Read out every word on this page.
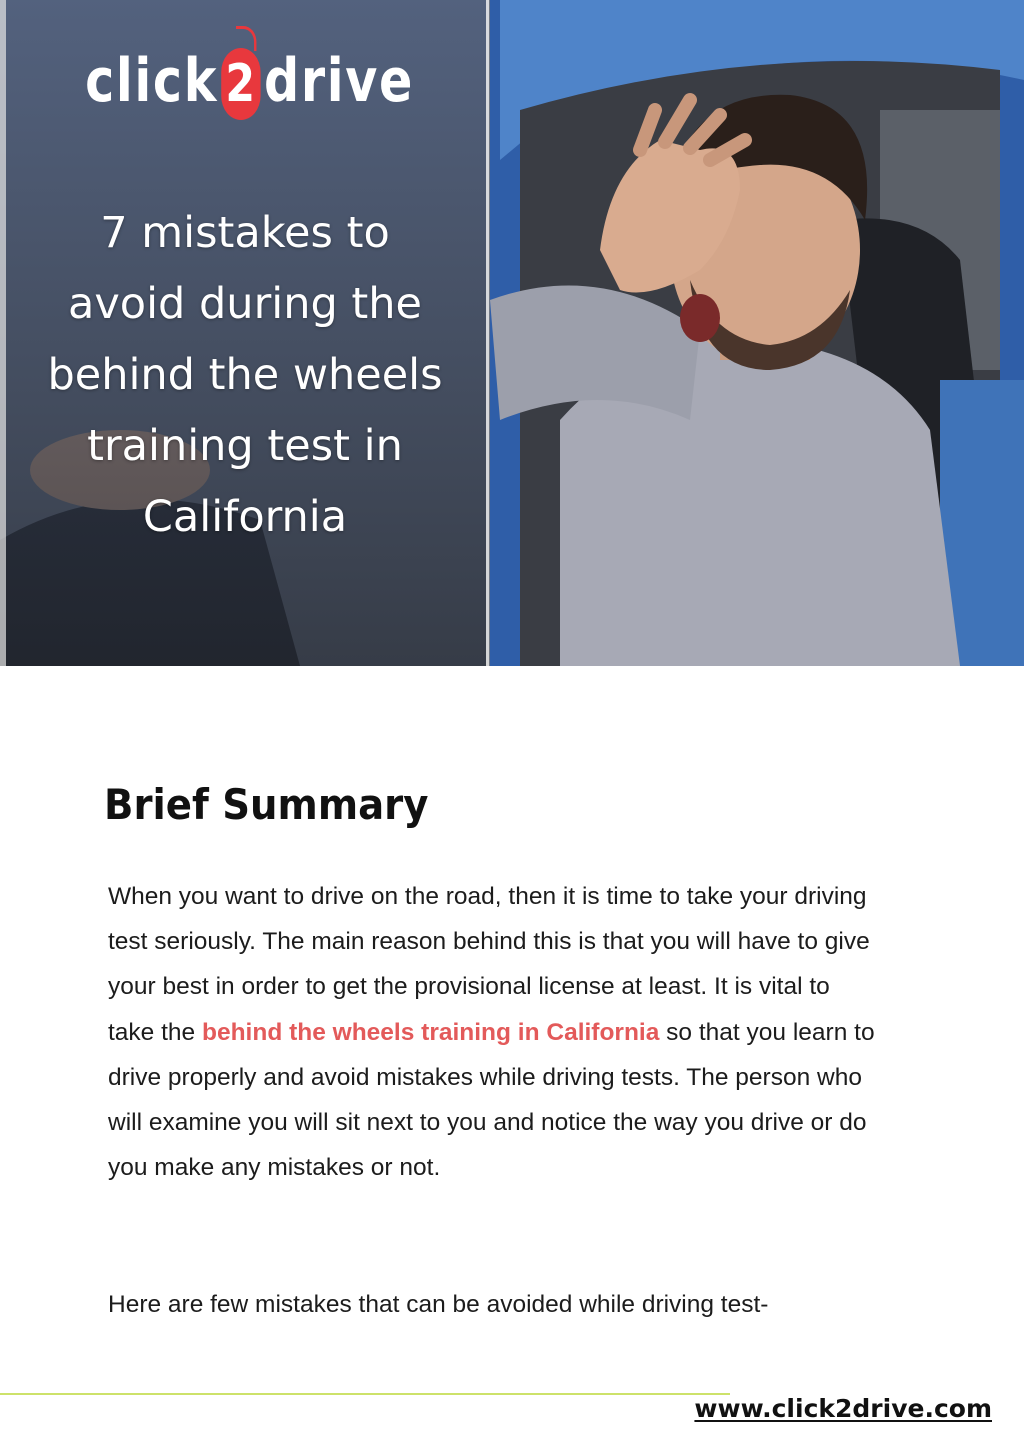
click 2 drive
7 mistakes to
avoid during the
behind the wheels
training test in
California
Brief Summary

When you want to drive on the road, then it is time to take your driving test seriously. The main reason behind this is that you will have to give your best in order to get the provisional license at least. It is vital to take the behind the wheels training in California so that you learn to drive properly and avoid mistakes while driving tests. The person who will examine you will sit next to you and notice the way you drive or do you make any mistakes or not.

Here are few mistakes that can be avoided while driving test-

www.click2drive.com
